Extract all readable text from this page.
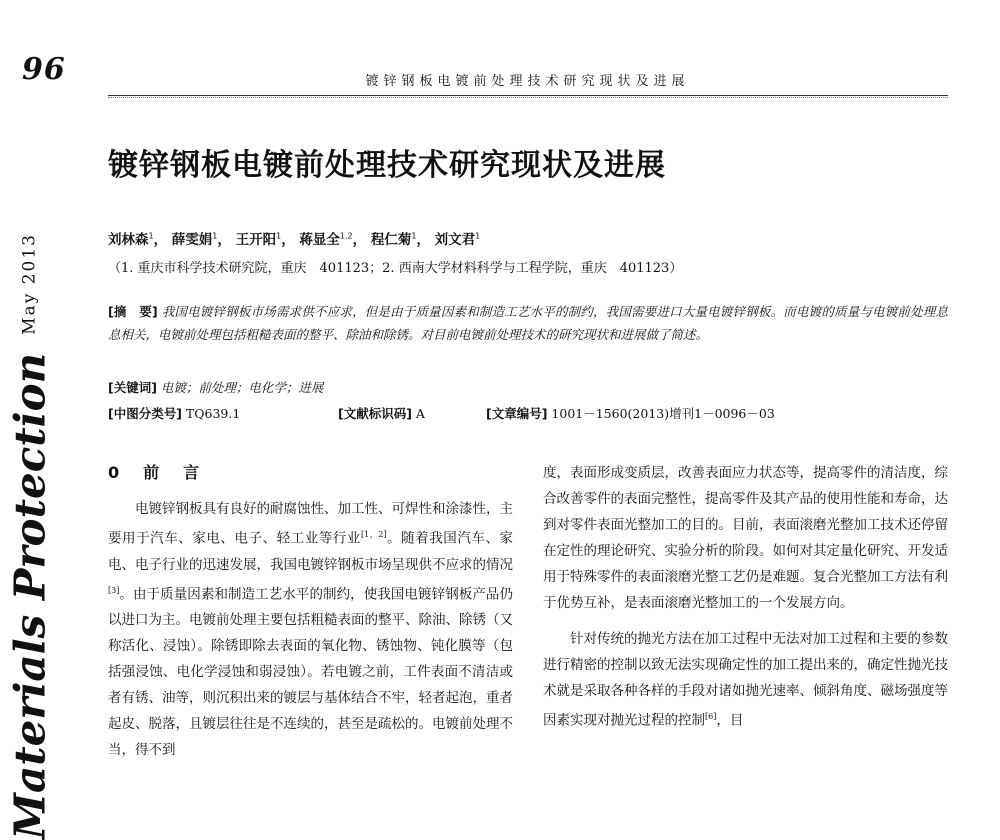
96	镀锌钢板电镀前处理技术研究现状及进展
镀锌钢板电镀前处理技术研究现状及进展
刘林森$^1$， 薛雯娟$^1$， 王开阳$^1$， 蒋显全$^{1,2}$， 程仁菊$^1$， 刘文君$^1$
（1. 重庆市科学技术研究院，重庆　401123；2. 西南大学材料科学与工程学院，重庆　401123）
[摘　要] 我国电镀锌钢板市场需求供不应求，但是由于质量因素和制造工艺水平的制约，我国需要进口大量电镀锌钢板。而电镀的质量与电镀前处理息息相关，电镀前处理包括粗糙表面的整平、除油和除锈。对目前电镀前处理技术的研究现状和进展做了简述。
[关键词] 电镀；前处理；电化学；进展
[中图分类号] TQ639.1	[文献标识码] A	[文章编号] 1001－1560(2013)增刊1－0096－03
Materials ProtectionMay 2013
0　前　言

电镀锌钢板具有良好的耐腐蚀性、加工性、可焊性和涂漆性，主要用于汽车、家电、电子、轻工业等行业[1，2]。随着我国汽车、家电、电子行业的迅速发展，我国电镀锌钢板市场呈现供不应求的情况[3]。由于质量因素和制造工艺水平的制约，使我国电镀锌钢板产品仍以进口为主。电镀前处理主要包括粗糙表面的整平、除油、除锈（又称活化、浸蚀）。除锈即除去表面的氧化物、锈蚀物、钝化膜等（包括强浸蚀、电化学浸蚀和弱浸蚀）。若电镀之前，工件表面不清洁或者有锈、油等，则沉积出来的镀层与基体结合不牢，轻者起泡，重者起皮、脱落，且镀层往往是不连续的，甚至是疏松的。电镀前处理不当，得不到

度，表面形成变质层，改善表面应力状态等，提高零件的清洁度，综合改善零件的表面完整性，提高零件及其产品的使用性能和寿命，达到对零件表面光整加工的目的。目前，表面滚磨光整加工技术还停留在定性的理论研究、实验分析的阶段。如何对其定量化研究、开发适用于特殊零件的表面滚磨光整工艺仍是难题。复合光整加工方法有利于优势互补，是表面滚磨光整加工的一个发展方向。

针对传统的抛光方法在加工过程中无法对加工过程和主要的参数进行精密的控制以致无法实现确定性的加工提出来的，确定性抛光技术就是采取各种各样的手段对诸如抛光速率、倾斜角度、磁场强度等因素实现对抛光过程的控制[6]，目
